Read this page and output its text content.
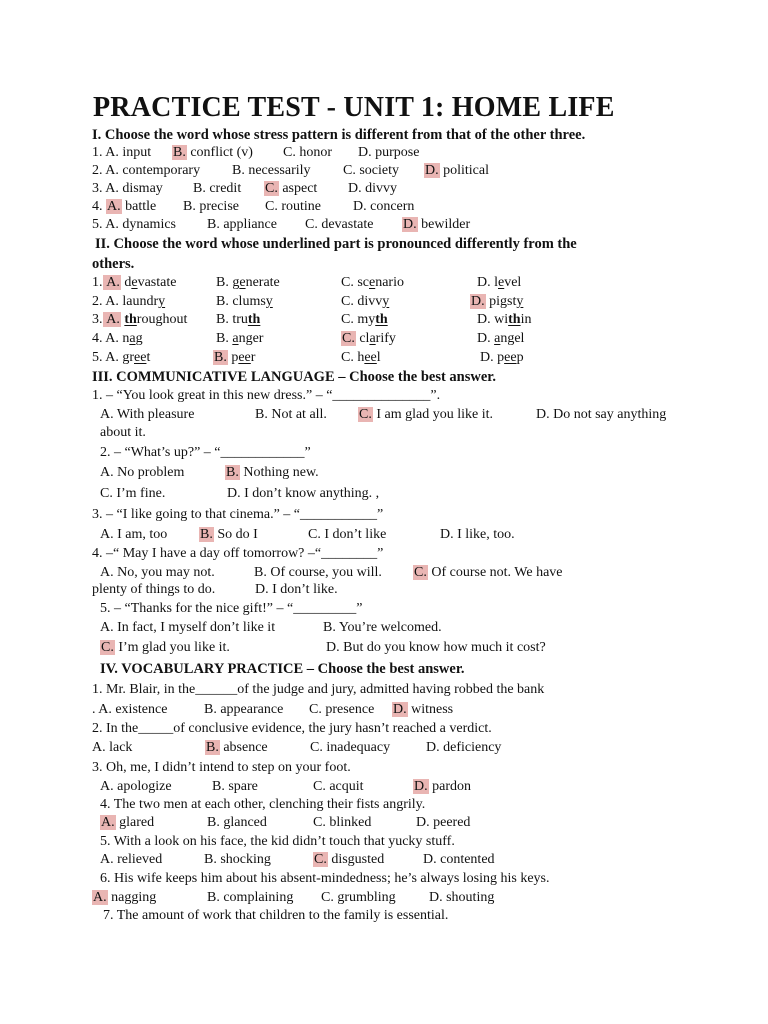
PRACTICE TEST - UNIT 1: HOME LIFE
I. Choose the word whose stress pattern is different from that of the other three.
1. A. input B. conflict (v) C. honor D. purpose
2. A. contemporary B. necessarily C. society D. political
3. A. dismay B. credit C. aspect D. divvy
4. A. battle B. precise C. routine D. concern
5. A. dynamics B. appliance C. devastate D. bewilder
II. Choose the word whose underlined part is pronounced differently from the
others.
1. A. devastate	B. generate	C. scenario	D. level
2. A. laundry	B. clumsy	C. divvy	D. pigsty
3. A. throughout B. truth	C. myth	D. within
4. A. nag	B. anger	C. clarify	D. angel
5. A. greet	B. peer	C. heel	D. peep
III. COMMUNICATIVE LANGUAGE – Choose the best answer.
1. – “You look great in this new dress.” – “______________”.
A. With pleasure	B. Not at all. C. I am glad you like it.	D. Do not say anything
about it.
2. – “What’s up?” – “____________”
A. No problem	B. Nothing new.
C. I’m fine.	D. I don’t know anything. ,
3. – “I like going to that cinema.” – “___________”
A. I am, too B. So do I	C. I don’t like	D. I like, too.
4. –“ May I have a day off tomorrow? –“________”
A. No, you may not.	B. Of course, you will. C. Of course not. We have
plenty of things to do.	D. I don’t like.
5. – “Thanks for the nice gift!” – “_________”
A. In fact, I myself don’t like it	B. You’re welcomed.
C. I’m glad you like it.	D. But do you know how much it cost?
IV. VOCABULARY PRACTICE – Choose the best answer.
1. Mr. Blair, in the______of the judge and jury, admitted having robbed the bank
. A. existence	B. appearance C. presence D. witness
2. In the_____of conclusive evidence, the jury hasn’t reached a verdict.
A. lack	B. absence	C. inadequacy	D. deficiency
3. Oh, me, I didn’t intend to step on your foot.
A. apologize	B. spare	C. acquit	D. pardon
4. The two men at each other, clenching their fists angrily.
A. glared	B. glanced	C. blinked	D. peered
5. With a look on his face, the kid didn’t touch that yucky stuff.
A. relieved	B. shocking	C. disgusted	D. contented
6. His wife keeps him about his absent-mindedness; he’s always losing his keys.
A. nagging	B. complaining C. grumbling D. shouting
7. The amount of work that children to the family is essential.
